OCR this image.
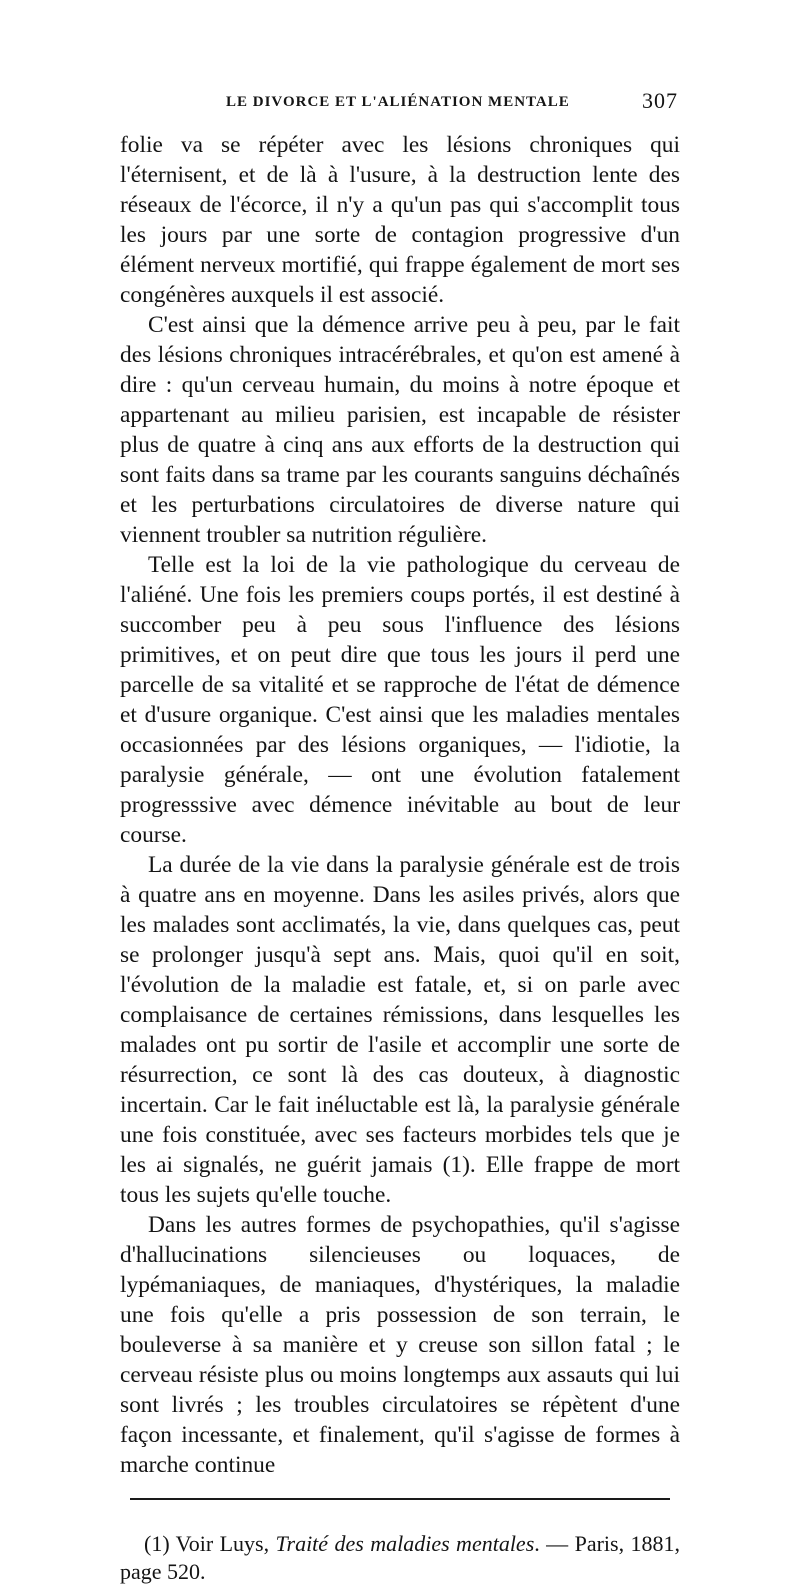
LE DIVORCE ET L'ALIÉNATION MENTALE	307

folie va se répéter avec les lésions chroniques qui l'éternisent, et de là à l'usure, à la destruction lente des réseaux de l'écorce, il n'y a qu'un pas qui s'accomplit tous les jours par une sorte de contagion progressive d'un élément nerveux mortifié, qui frappe également de mort ses congénères auxquels il est associé.

C'est ainsi que la démence arrive peu à peu, par le fait des lésions chroniques intracérébrales, et qu'on est amené à dire : qu'un cerveau humain, du moins à notre époque et appartenant au milieu parisien, est incapable de résister plus de quatre à cinq ans aux efforts de la destruction qui sont faits dans sa trame par les courants sanguins déchaînés et les perturbations circulatoires de diverse nature qui viennent troubler sa nutrition régulière.

Telle est la loi de la vie pathologique du cerveau de l'aliéné. Une fois les premiers coups portés, il est destiné à succomber peu à peu sous l'influence des lésions primitives, et on peut dire que tous les jours il perd une parcelle de sa vitalité et se rapproche de l'état de démence et d'usure organique. C'est ainsi que les maladies mentales occasionnées par des lésions organiques, — l'idiotie, la paralysie générale, — ont une évolution fatalement progresssive avec démence inévitable au bout de leur course.

La durée de la vie dans la paralysie générale est de trois à quatre ans en moyenne. Dans les asiles privés, alors que les malades sont acclimatés, la vie, dans quelques cas, peut se prolonger jusqu'à sept ans. Mais, quoi qu'il en soit, l'évolution de la maladie est fatale, et, si on parle avec complaisance de certaines rémissions, dans lesquelles les malades ont pu sortir de l'asile et accomplir une sorte de résurrection, ce sont là des cas douteux, à diagnostic incertain. Car le fait inéluctable est là, la paralysie générale une fois constituée, avec ses facteurs morbides tels que je les ai signalés, ne guérit jamais (1). Elle frappe de mort tous les sujets qu'elle touche.

Dans les autres formes de psychopathies, qu'il s'agisse d'hallucinations silencieuses ou loquaces, de lypémaniaques, de maniaques, d'hystériques, la maladie une fois qu'elle a pris possession de son terrain, le bouleverse à sa manière et y creuse son sillon fatal ; le cerveau résiste plus ou moins longtemps aux assauts qui lui sont livrés ; les troubles circulatoires se répètent d'une façon incessante, et finalement, qu'il s'agisse de formes à marche continue

(1) Voir Luys, Traité des maladies mentales. — Paris, 1881, page 520.
